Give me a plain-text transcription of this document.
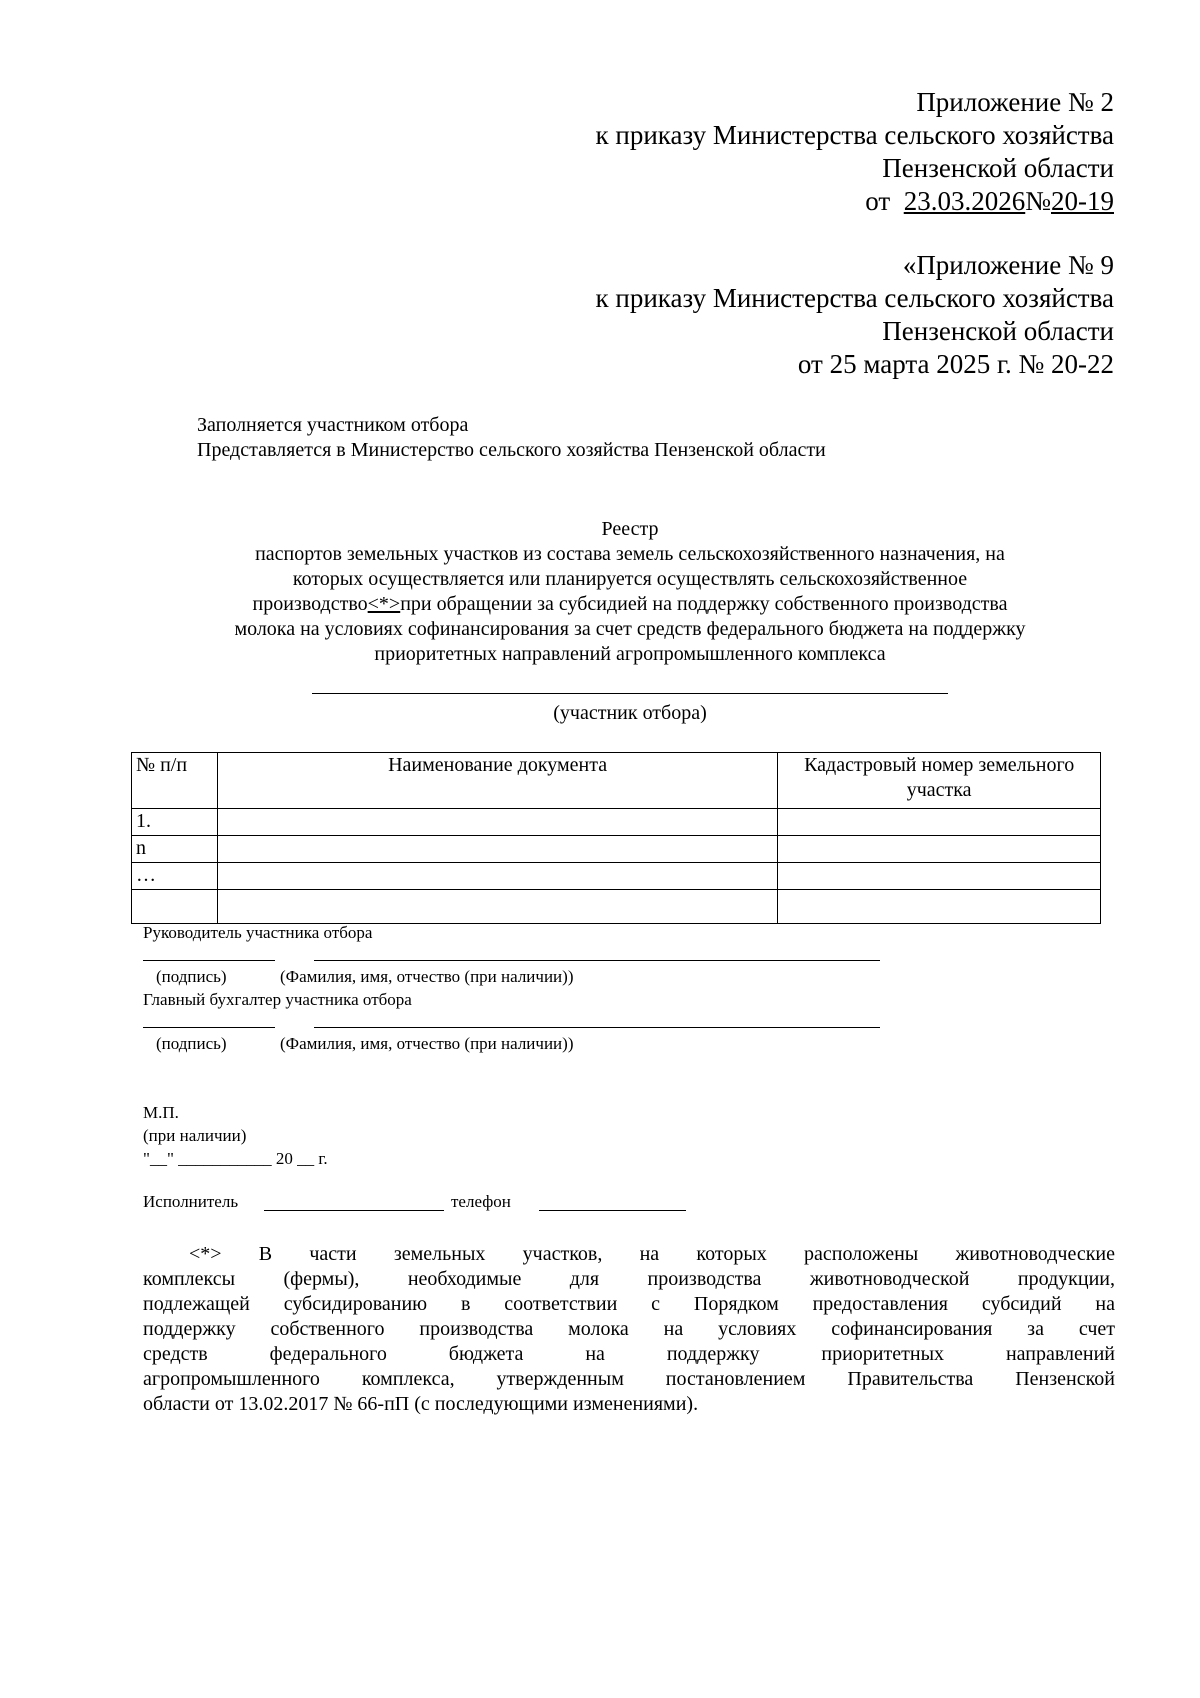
Приложение № 2
к приказу Министерства сельского хозяйства
Пензенской области
от 23.03.2026№20-19
«Приложение № 9
к приказу Министерства сельского хозяйства
Пензенской области
от 25 марта 2025 г. № 20-22
Заполняется участником отбора
Представляется в Министерство сельского хозяйства Пензенской области
Реестр
паспортов земельных участков из состава земель сельскохозяйственного назначения, на
которых осуществляется или планируется осуществлять сельскохозяйственное
производство<*>при обращении за субсидией на поддержку собственного производства
молока на условиях софинансирования за счет средств федерального бюджета на поддержку
приоритетных направлений агропромышленного комплекса
(участник отбора)
№ п/п	Наименование документа	Кадастровый номер земельного участка
1.		
n		
…		

Руководитель участника отбора
(подпись)	(Фамилия, имя, отчество (при наличии))
Главный бухгалтер участника отбора
(подпись)	(Фамилия, имя, отчество (при наличии))
М.П.
(при наличии)
"__" ___________ 20 __ г.
Исполнитель	телефон
<*> В части земельных участков, на которых расположены животноводческие
комплексы (фермы), необходимые для производства животноводческой продукции,
подлежащей субсидированию в соответствии с Порядком предоставления субсидий на
поддержку собственного производства молока на условиях софинансирования за счет
средств федерального бюджета на поддержку приоритетных направлений
агропромышленного комплекса, утвержденным постановлением Правительства Пензенской
области от 13.02.2017 № 66-пП (с последующими изменениями).
